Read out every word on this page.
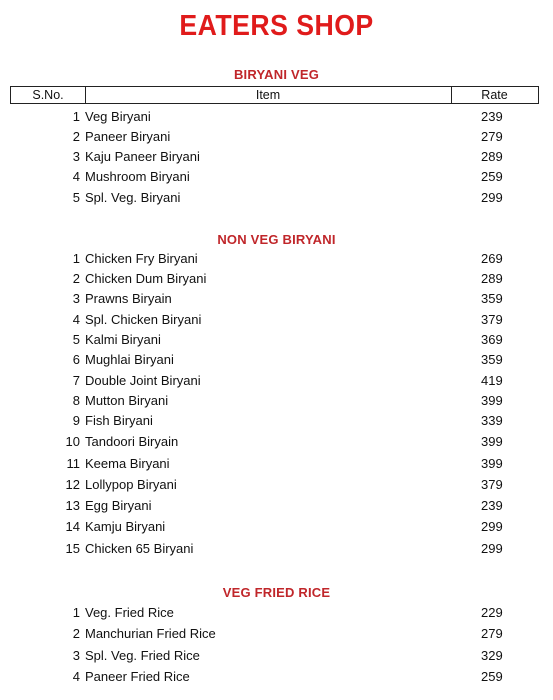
EATERS SHOP
BIRYANI VEG
S.No.	Item	Rate
1 Veg Biryani	239
2 Paneer Biryani	279
3 Kaju Paneer Biryani	289
4 Mushroom Biryani	259
5 Spl. Veg. Biryani	299
NON VEG BIRYANI
1 Chicken Fry Biryani	269
2 Chicken Dum Biryani	289
3 Prawns Biryain	359
4 Spl. Chicken Biryani	379
5 Kalmi Biryani	369
6 Mughlai Biryani	359
7 Double Joint Biryani	419
8 Mutton Biryani	399
9 Fish Biryani	339
10 Tandoori Biryain	399
11 Keema Biryani	399
12 Lollypop Biryani	379
13 Egg Biryani	239
14 Kamju Biryani	299
15 Chicken 65 Biryani	299
VEG FRIED RICE
1 Veg. Fried Rice	229
2 Manchurian Fried Rice	279
3 Spl. Veg. Fried Rice	329
4 Paneer Fried Rice	259
